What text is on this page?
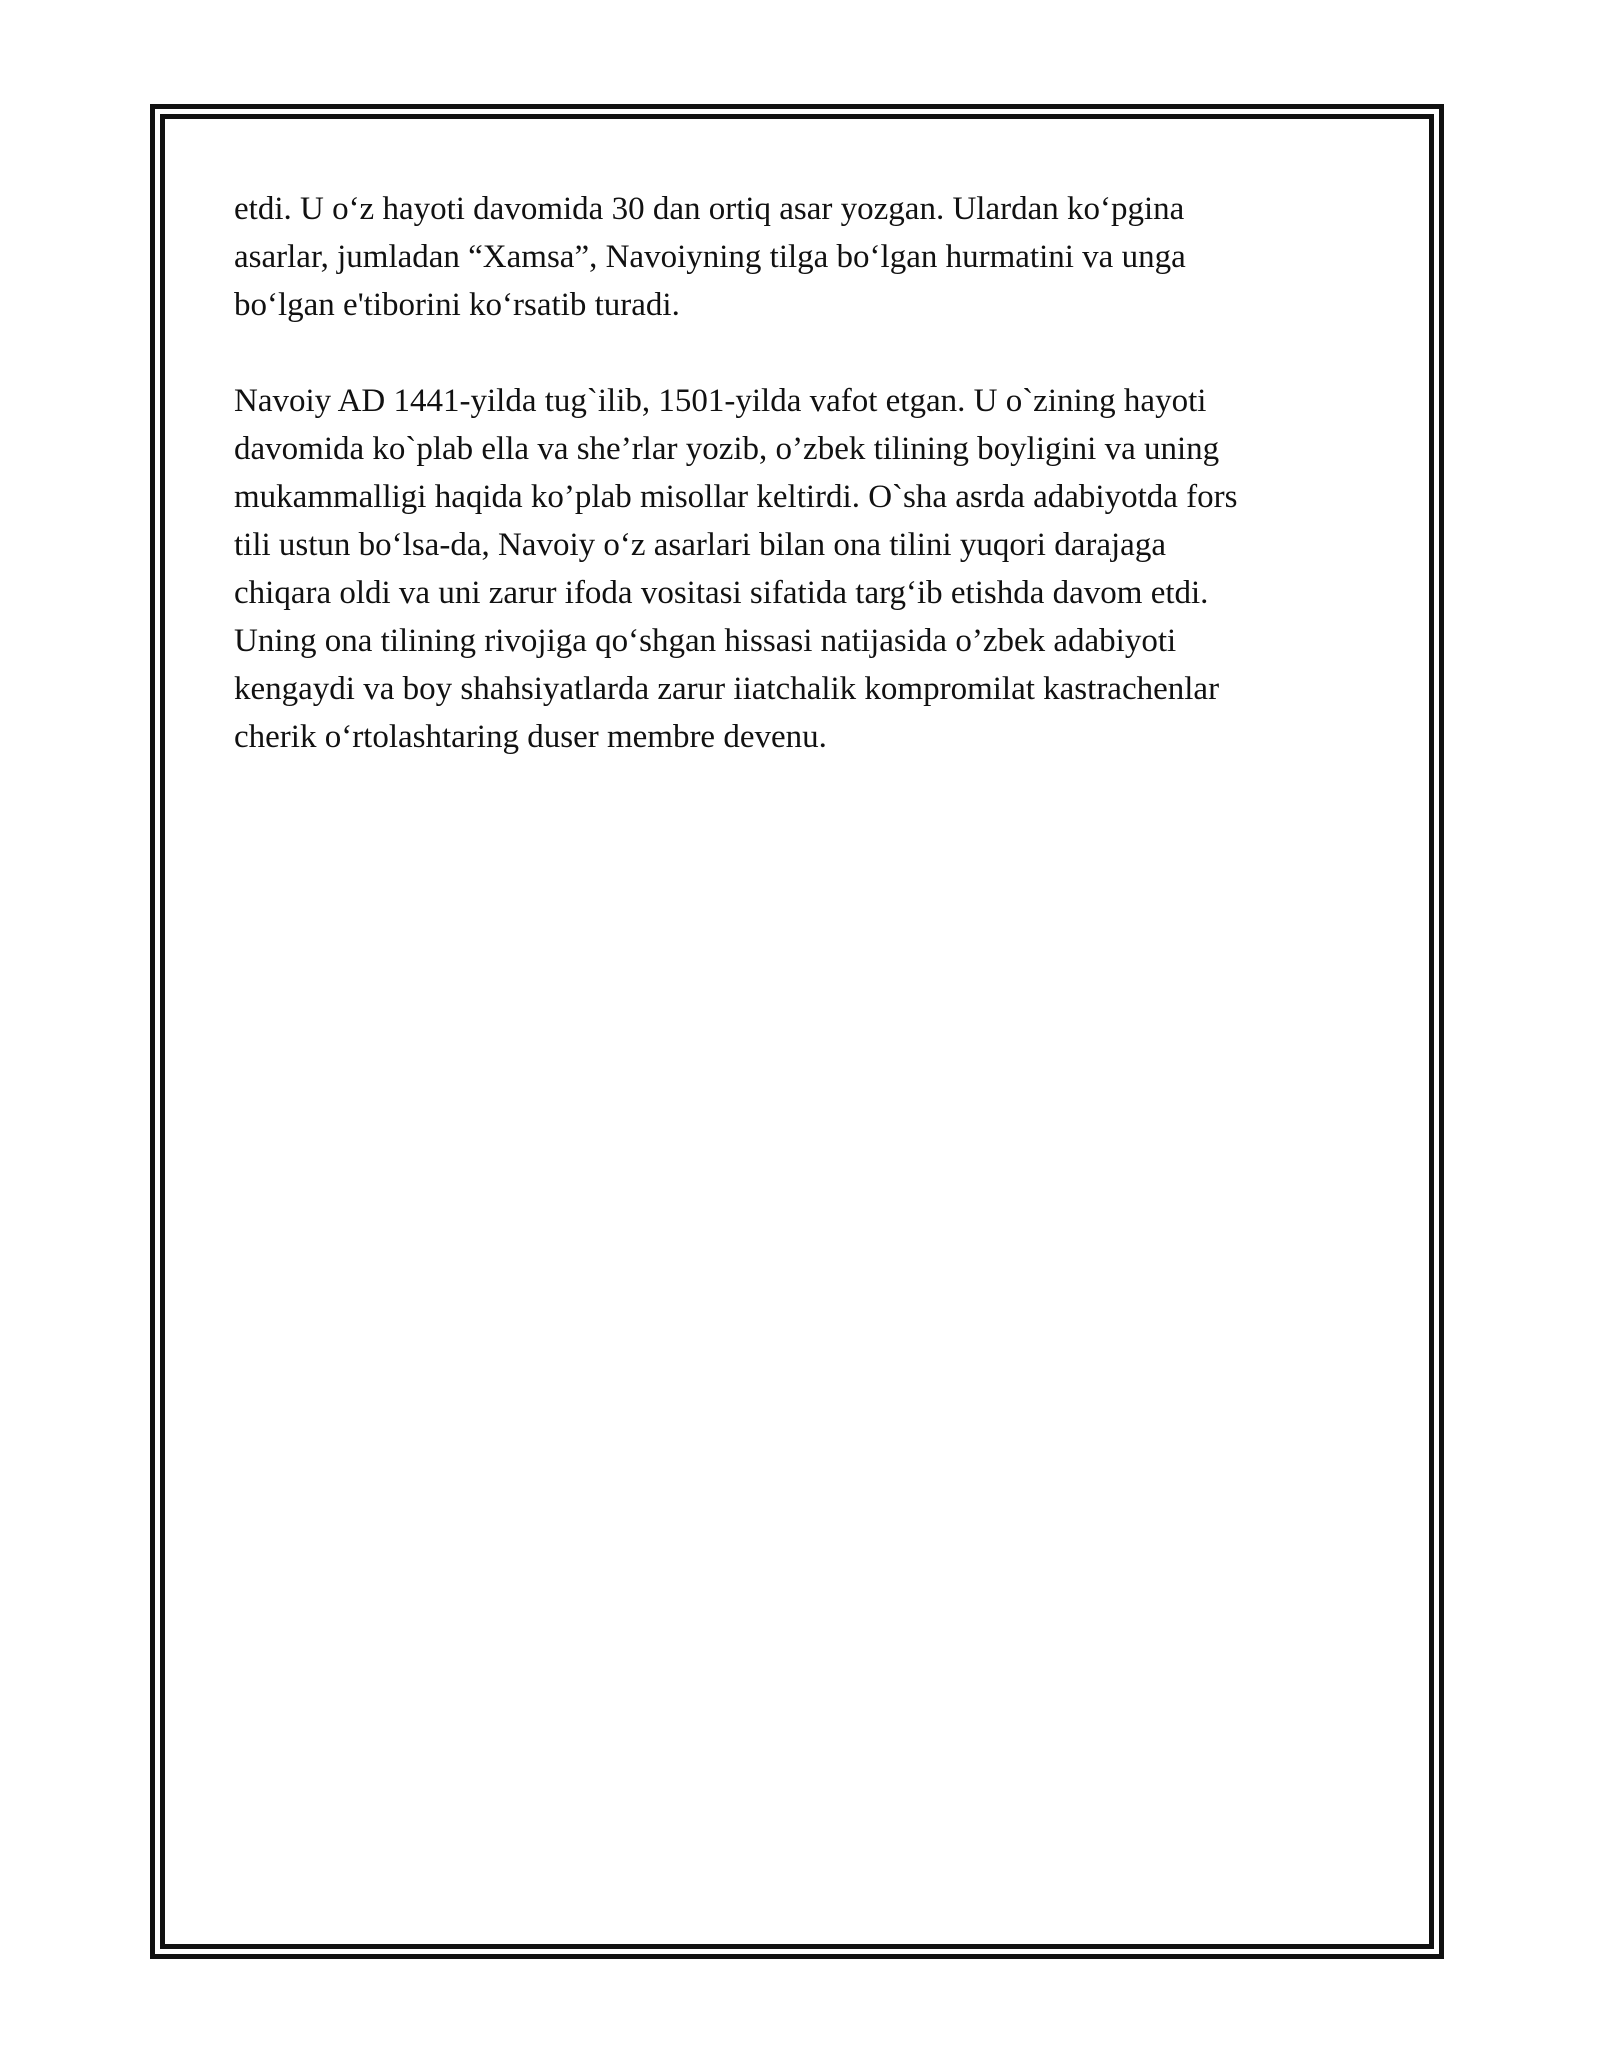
etdi. U o‘z hayoti davomida 30 dan ortiq asar yozgan. Ulardan ko‘pgina
asarlar, jumladan “Xamsa”, Navoiyning tilga bo‘lgan hurmatini va unga
bo‘lgan e'tiborini ko‘rsatib turadi.

Navoiy AD 1441-yilda tug`ilib, 1501-yilda vafot etgan. U o`zining hayoti
davomida ko`plab ella va she’rlar yozib, o’zbek tilining boyligini va uning
mukammalligi haqida ko’plab misollar keltirdi. O`sha asrda adabiyotda fors
tili ustun bo‘lsa-da, Navoiy o‘z asarlari bilan ona tilini yuqori darajaga
chiqara oldi va uni zarur ifoda vositasi sifatida targ‘ib etishda davom etdi.
Uning ona tilining rivojiga qo‘shgan hissasi natijasida o’zbek adabiyoti
kengaydi va boy shahsiyatlarda zarur iiatchalik kompromilat kastrachenlar
cherik o‘rtolashtaring duser membre devenu.
